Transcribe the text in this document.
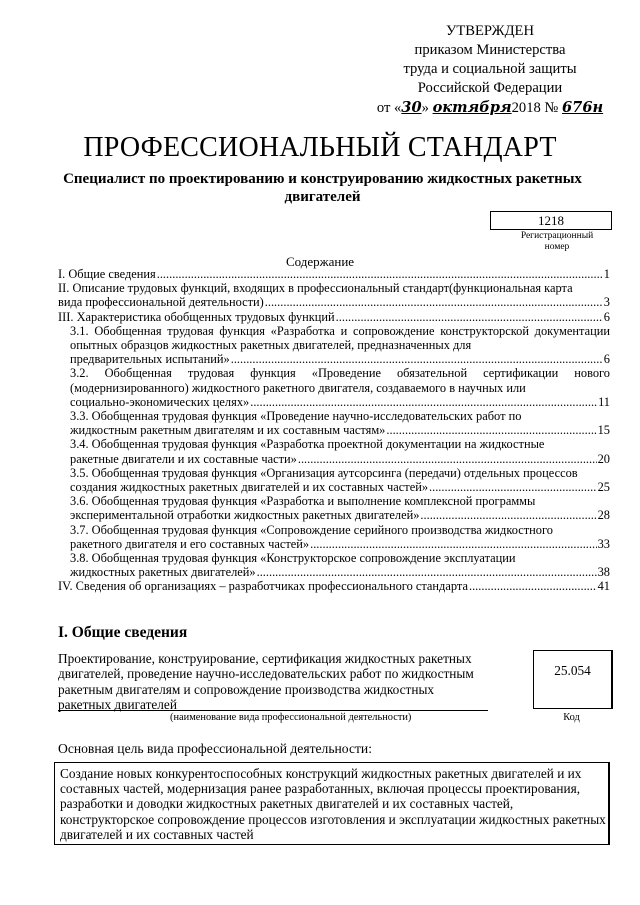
УТВЕРЖДЕН
приказом Министерства
труда и социальной защиты
Российской Федерации
от «30» октября2018 № 676н
ПРОФЕССИОНАЛЬНЫЙ СТАНДАРТ
Специалист по проектированию и конструированию жидкостных ракетных двигателей
1218
Регистрационный
номер
Содержание
I. Общие сведения .....	1
II. Описание трудовых функций, входящих в профессиональный стандарт(функциональная карта
вида профессиональной деятельности) .....	3
III. Характеристика обобщенных трудовых функций .....	6
3.1. Обобщенная трудовая функция «Разработка и сопровождение конструкторской документации опытных образцов жидкостных ракетных двигателей, предназначенных для
предварительных испытаний» .....	6
3.2. Обобщенная трудовая функция «Проведение обязательной сертификации нового (модернизированного) жидкостного ракетного двигателя, создаваемого в научных или
социально-экономических целях» .....	11
3.3. Обобщенная трудовая функция «Проведение научно-исследовательских работ по
жидкостным ракетным двигателям и их составным частям» .....	15
3.4. Обобщенная трудовая функция «Разработка проектной документации на жидкостные
ракетные двигатели и их составные части» .....	20
3.5. Обобщенная трудовая функция «Организация аутсорсинга (передачи) отдельных процессов
создания жидкостных ракетных двигателей и их составных частей» .....	25
3.6. Обобщенная трудовая функция «Разработка и выполнение комплексной программы
экспериментальной отработки жидкостных ракетных двигателей» .....	28
3.7. Обобщенная трудовая функция «Сопровождение серийного производства жидкостного
ракетного двигателя и его составных частей» .....	33
3.8. Обобщенная трудовая функция «Конструкторское сопровождение эксплуатации
жидкостных ракетных двигателей» .....	38
IV. Сведения об организациях – разработчиках профессионального стандарта .....	41
I. Общие сведения
Проектирование, конструирование, сертификация жидкостных ракетных двигателей, проведение научно-исследовательских работ по жидкостным ракетным двигателям и сопровождение производства жидкостных ракетных двигателей
(наименование вида профессиональной деятельности)
25.054
Код
Основная цель вида профессиональной деятельности:
Создание новых конкурентоспособных конструкций жидкостных ракетных двигателей и их составных частей, модернизация ранее разработанных, включая процессы проектирования, разработки и доводки жидкостных ракетных двигателей и их составных частей, конструкторское сопровождение процессов изготовления и эксплуатации жидкостных ракетных двигателей и их составных частей
